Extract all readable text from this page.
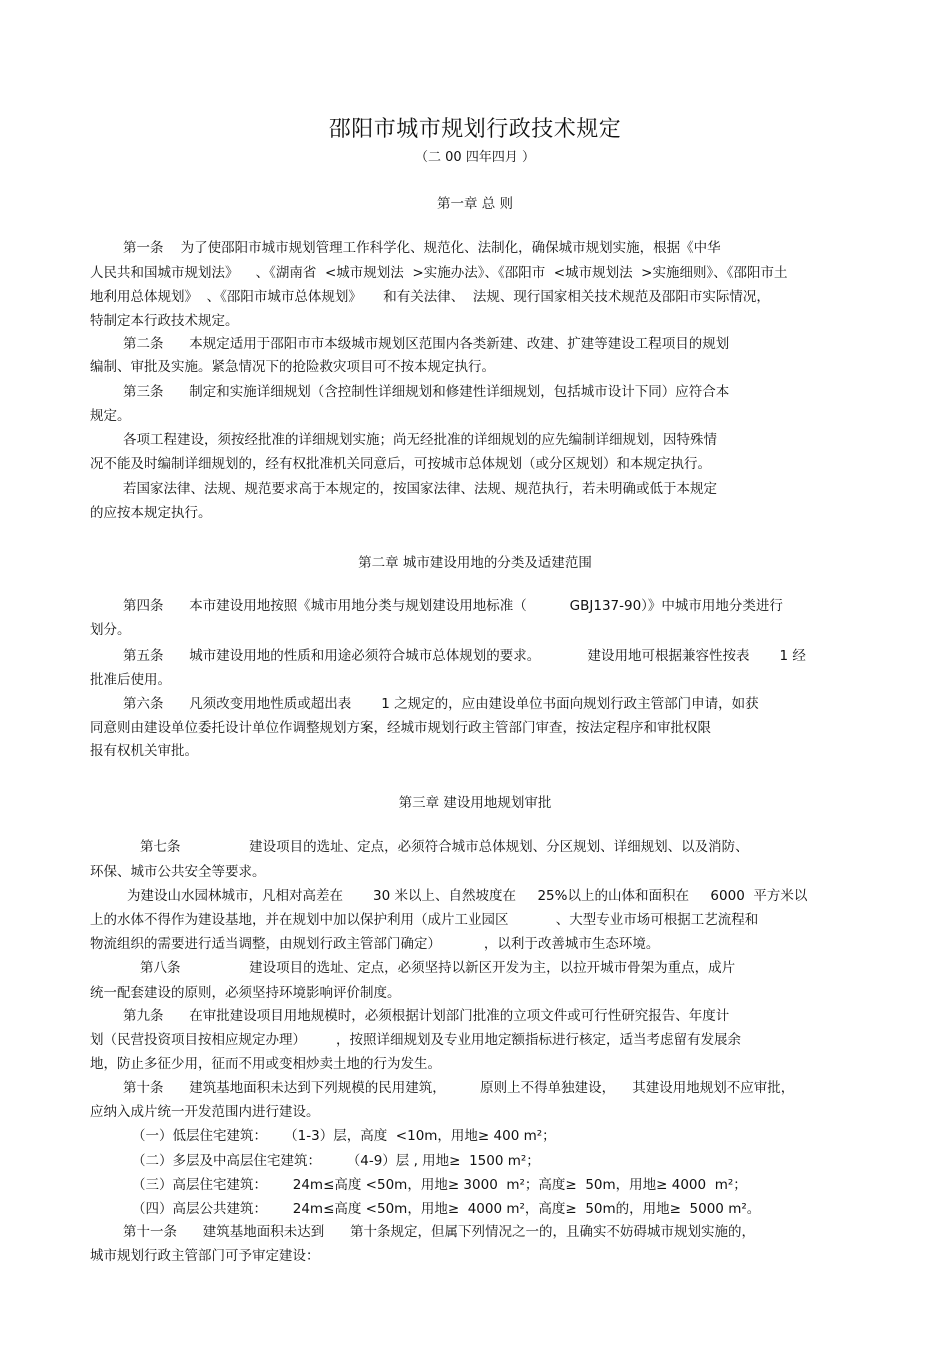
邵阳市城市规划行政技术规定
（二 00 四年四月 ）
第一章 总 则
第一条    为了使邵阳市城市规划管理工作科学化、规范化、法制化，确保城市规划实施，根据《中华
人民共和国城市规划法》    、《湖南省  <城市规划法  >实施办法》、《邵阳市  <城市规划法  >实施细则》、《邵阳市土
地利用总体规划》  、《邵阳市城市总体规划》     和有关法律、  法规、现行国家相关技术规范及邵阳市实际情况，
特制定本行政技术规定。
第二条      本规定适用于邵阳市市本级城市规划区范围内各类新建、改建、扩建等建设工程项目的规划
编制、审批及实施。紧急情况下的抢险救灾项目可不按本规定执行。
第三条      制定和实施详细规划（含控制性详细规划和修建性详细规划，包括城市设计下同）应符合本
规定。
各项工程建设，须按经批准的详细规划实施；尚无经批准的详细规划的应先编制详细规划，因特殊情
况不能及时编制详细规划的，经有权批准机关同意后，可按城市总体规划（或分区规划）和本规定执行。
若国家法律、法规、规范要求高于本规定的，按国家法律、法规、规范执行，若未明确或低于本规定
的应按本规定执行。
第二章 城市建设用地的分类及适建范围
第四条      本市建设用地按照《城市用地分类与规划建设用地标准（          GBJ137-90）》中城市用地分类进行
划分。
第五条      城市建设用地的性质和用途必须符合城市总体规划的要求。           建设用地可根据兼容性按表       1 经
批准后使用。
第六条      凡须改变用地性质或超出表       1 之规定的，应由建设单位书面向规划行政主管部门申请，如获
同意则由建设单位委托设计单位作调整规划方案，经城市规划行政主管部门审查，按法定程序和审批权限
报有权机关审批。
第三章 建设用地规划审批
第七条                建设项目的选址、定点，必须符合城市总体规划、分区规划、详细规划、以及消防、
环保、城市公共安全等要求。
为建设山水园林城市，凡相对高差在       30 米以上、自然坡度在     25%以上的山体和面积在     6000  平方米以
上的水体不得作为建设基地，并在规划中加以保护利用（成片工业园区           、大型专业市场可根据工艺流程和
物流组织的需要进行适当调整，由规划行政主管部门确定）          ，以利于改善城市生态环境。
第八条                建设项目的选址、定点，必须坚持以新区开发为主，以拉开城市骨架为重点，成片
统一配套建设的原则，必须坚持环境影响评价制度。
第九条      在审批建设项目用地规模时，必须根据计划部门批准的立项文件或可行性研究报告、年度计
划（民营投资项目按相应规定办理）       ，按照详细规划及专业用地定额指标进行核定，适当考虑留有发展余
地，防止多征少用，征而不用或变相炒卖土地的行为发生。
第十条      建筑基地面积未达到下列规模的民用建筑，        原则上不得单独建设，    其建设用地规划不应审批，
应纳入成片统一开发范围内进行建设。
（一）低层住宅建筑：    （1-3）层，高度  <10m，用地≥ 400 m²；
（二）多层及中高层住宅建筑：      （4-9）层 , 用地≥  1500 m²；
（三）高层住宅建筑：      24m≤高度 <50m，用地≥ 3000  m²；高度≥  50m，用地≥ 4000  m²；
（四）高层公共建筑：      24m≤高度 <50m，用地≥  4000 m²，高度≥  50m的，用地≥  5000 m²。
第十一条      建筑基地面积未达到      第十条规定，但属下列情况之一的，且确实不妨碍城市规划实施的，
城市规划行政主管部门可予审定建设：
